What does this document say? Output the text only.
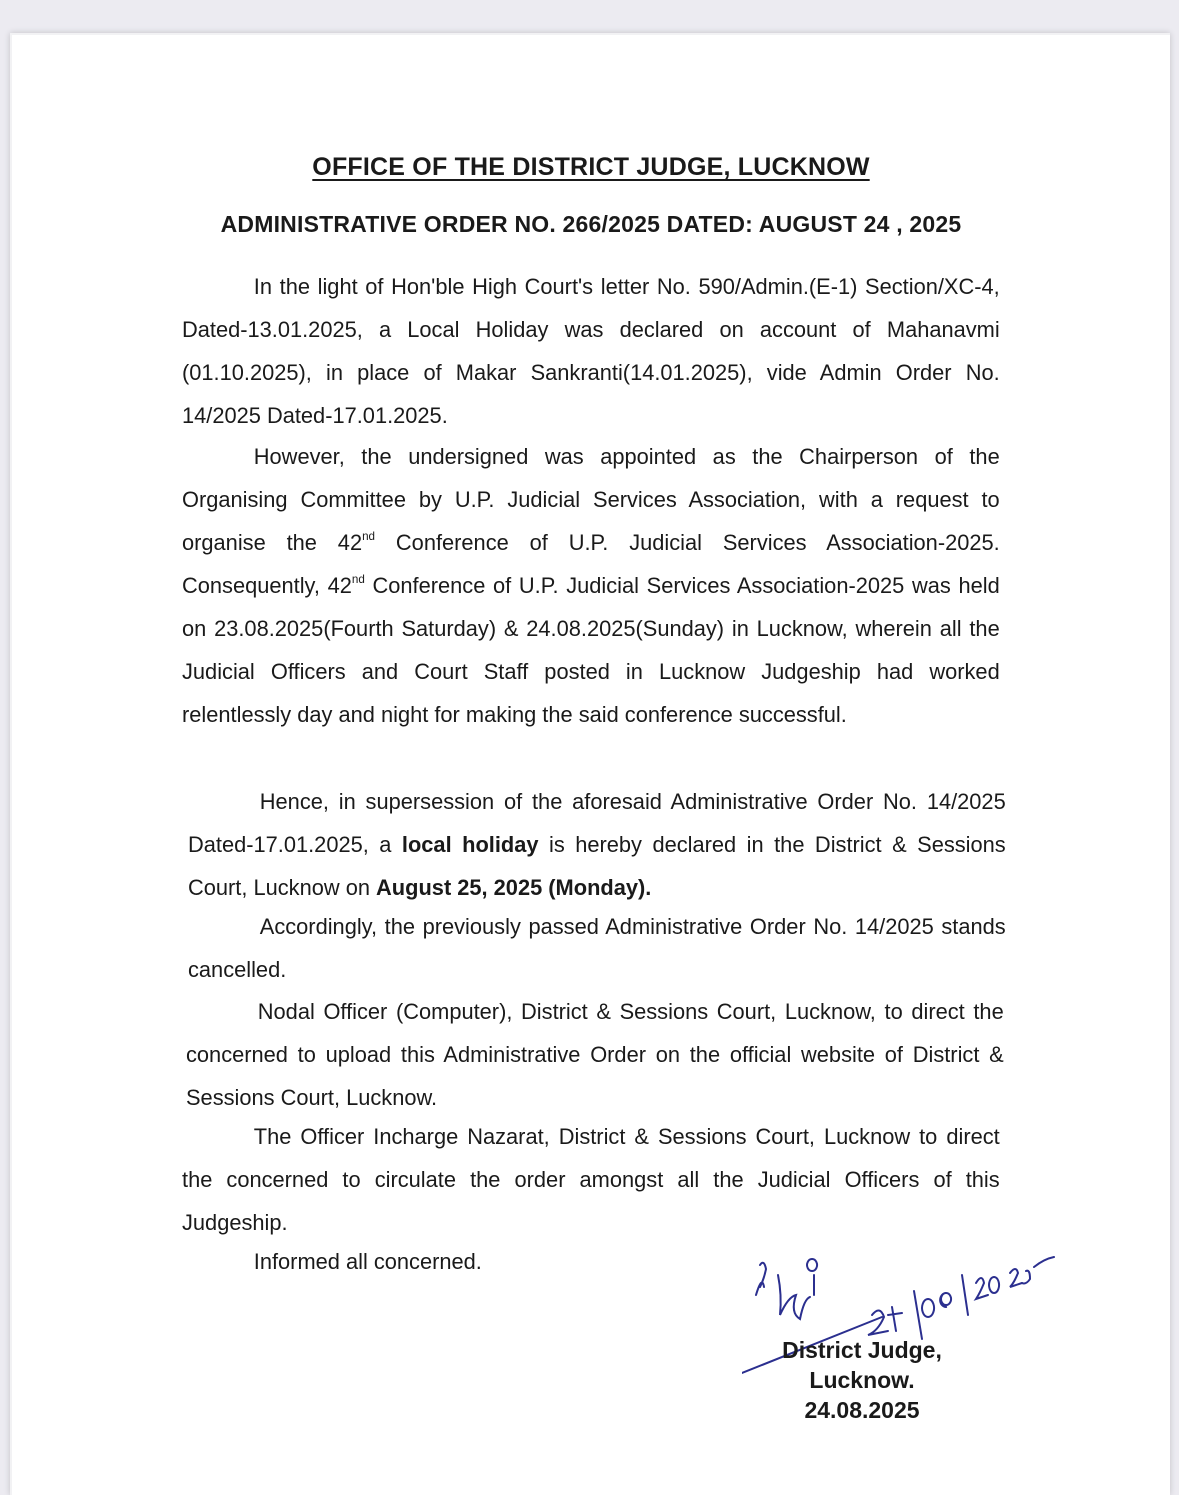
OFFICE OF THE DISTRICT JUDGE, LUCKNOW
ADMINISTRATIVE ORDER NO. 266/2025 DATED: AUGUST 24 , 2025
In the light of Hon'ble High Court's letter No. 590/Admin.(E-1) Section/XC-4, Dated-13.01.2025, a Local Holiday was declared on account of Mahanavmi (01.10.2025), in place of Makar Sankranti(14.01.2025), vide Admin Order No. 14/2025 Dated-17.01.2025.
However, the undersigned was appointed as the Chairperson of the Organising Committee by U.P. Judicial Services Association, with a request to organise the 42nd Conference of U.P. Judicial Services Association-2025. Consequently, 42nd Conference of U.P. Judicial Services Association-2025 was held on 23.08.2025(Fourth Saturday) & 24.08.2025(Sunday) in Lucknow, wherein all the Judicial Officers and Court Staff posted in Lucknow Judgeship had worked relentlessly day and night for making the said conference successful.
Hence, in supersession of the aforesaid Administrative Order No. 14/2025 Dated-17.01.2025, a local holiday is hereby declared in the District & Sessions Court, Lucknow on August 25, 2025 (Monday).
Accordingly, the previously passed Administrative Order No. 14/2025 stands cancelled.
Nodal Officer (Computer), District & Sessions Court, Lucknow, to direct the concerned to upload this Administrative Order on the official website of District & Sessions Court, Lucknow.
The Officer Incharge Nazarat, District & Sessions Court, Lucknow to direct the concerned to circulate the order amongst all the Judicial Officers of this Judgeship.
Informed all concerned.
District Judge,
Lucknow.
24.08.2025
